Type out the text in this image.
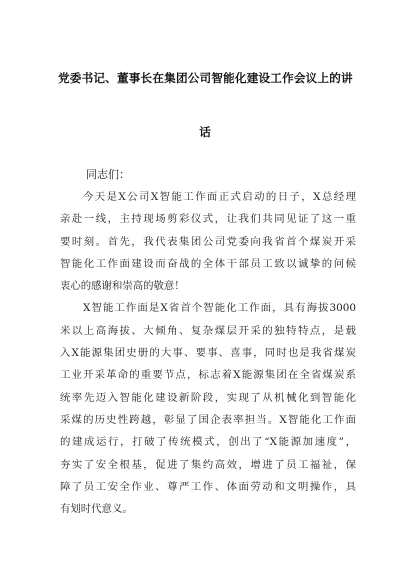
党委书记、董事长在集团公司智能化建设工作会议上的讲
话
同志们：
今天是X公司X智能工作面正式启动的日子，X总经理
亲赴一线，主持现场剪彩仪式，让我们共同见证了这一重
要时刻。首先，我代表集团公司党委向我省首个煤炭开采
智能化工作面建设而奋战的全体干部员工致以诚挚的问候
衷心的感谢和崇高的敬意！
X智能工作面是X省首个智能化工作面，具有海拔3000
米以上高海拔、大倾角、复杂煤层开采的独特特点，是载
入X能源集团史册的大事、要事、喜事，同时也是我省煤炭
工业开采革命的重要节点，标志着X能源集团在全省煤炭系
统率先迈入智能化建设新阶段，实现了从机械化到智能化
采煤的历史性跨越，彰显了国企表率担当。X智能化工作面
的建成运行，打破了传统模式，创出了“X能源加速度”，
夯实了安全根基，促进了集约高效，增进了员工福祉，保
障了员工安全作业、尊严工作、体面劳动和文明操作，具
有划时代意义。
